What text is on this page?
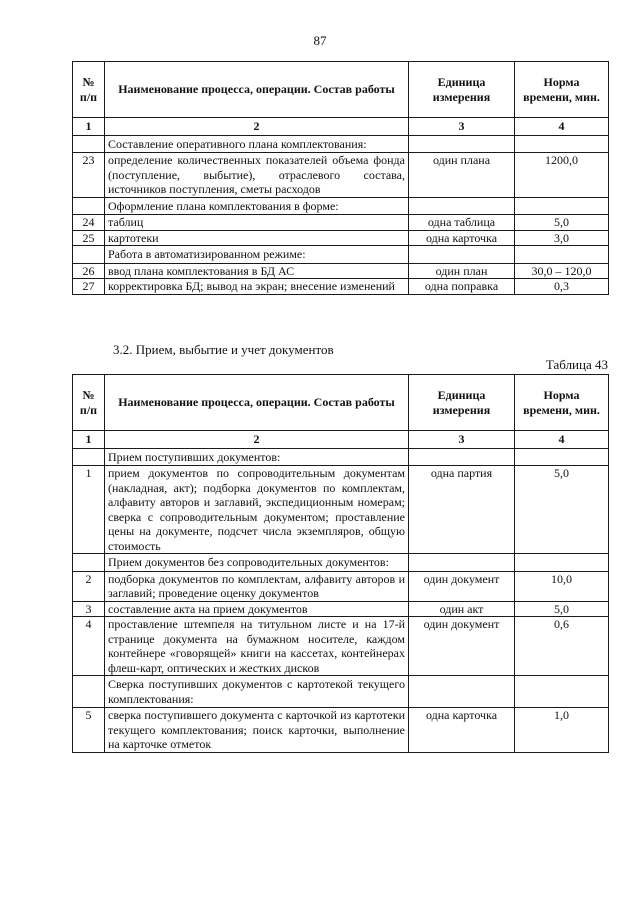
87
№ п/п	Наименование процесса, операции. Состав работы	Единица измерения	Норма времени, мин.
1	2	3	4
	Составление оперативного плана комплектования:		
23	определение количественных показателей объема фонда (поступление, выбытие), отраслевого состава, источников поступления, сметы расходов	один плана	1200,0
	Оформление плана комплектования в форме:		
24	таблиц	одна таблица	5,0
25	картотеки	одна карточка	3,0
	Работа в автоматизированном режиме:		
26	ввод плана комплектования в БД АС	один план	30,0 – 120,0
27	корректировка БД; вывод на экран; внесение изменений	одна поправка	0,3
3.2. Прием, выбытие и учет документов
Таблица 43
№ п/п	Наименование процесса, операции. Состав работы	Единица измерения	Норма времени, мин.
1	2	3	4
	Прием поступивших документов:		
1	прием документов по сопроводительным документам (накладная, акт); подборка документов по комплектам, алфавиту авторов и заглавий, экспедиционным номерам; сверка с сопроводительным документом; проставление цены на документе, подсчет числа экземпляров, общую стоимость	одна партия	5,0
	Прием документов без сопроводительных документов:		
2	подборка документов по комплектам, алфавиту авторов и заглавий; проведение оценку документов	один документ	10,0
3	составление акта на прием документов	один акт	5,0
4	проставление штемпеля на титульном листе и на 17-й странице документа на бумажном носителе, каждом контейнере «говорящей» книги на кассетах, контейнерах флеш-карт, оптических и жестких дисков	один документ	0,6
	Сверка поступивших документов с картотекой текущего комплектования:		
5	сверка поступившего документа с карточкой из картотеки текущего комплектования; поиск карточки, выполнение на карточке отметок	одна карточка	1,0
